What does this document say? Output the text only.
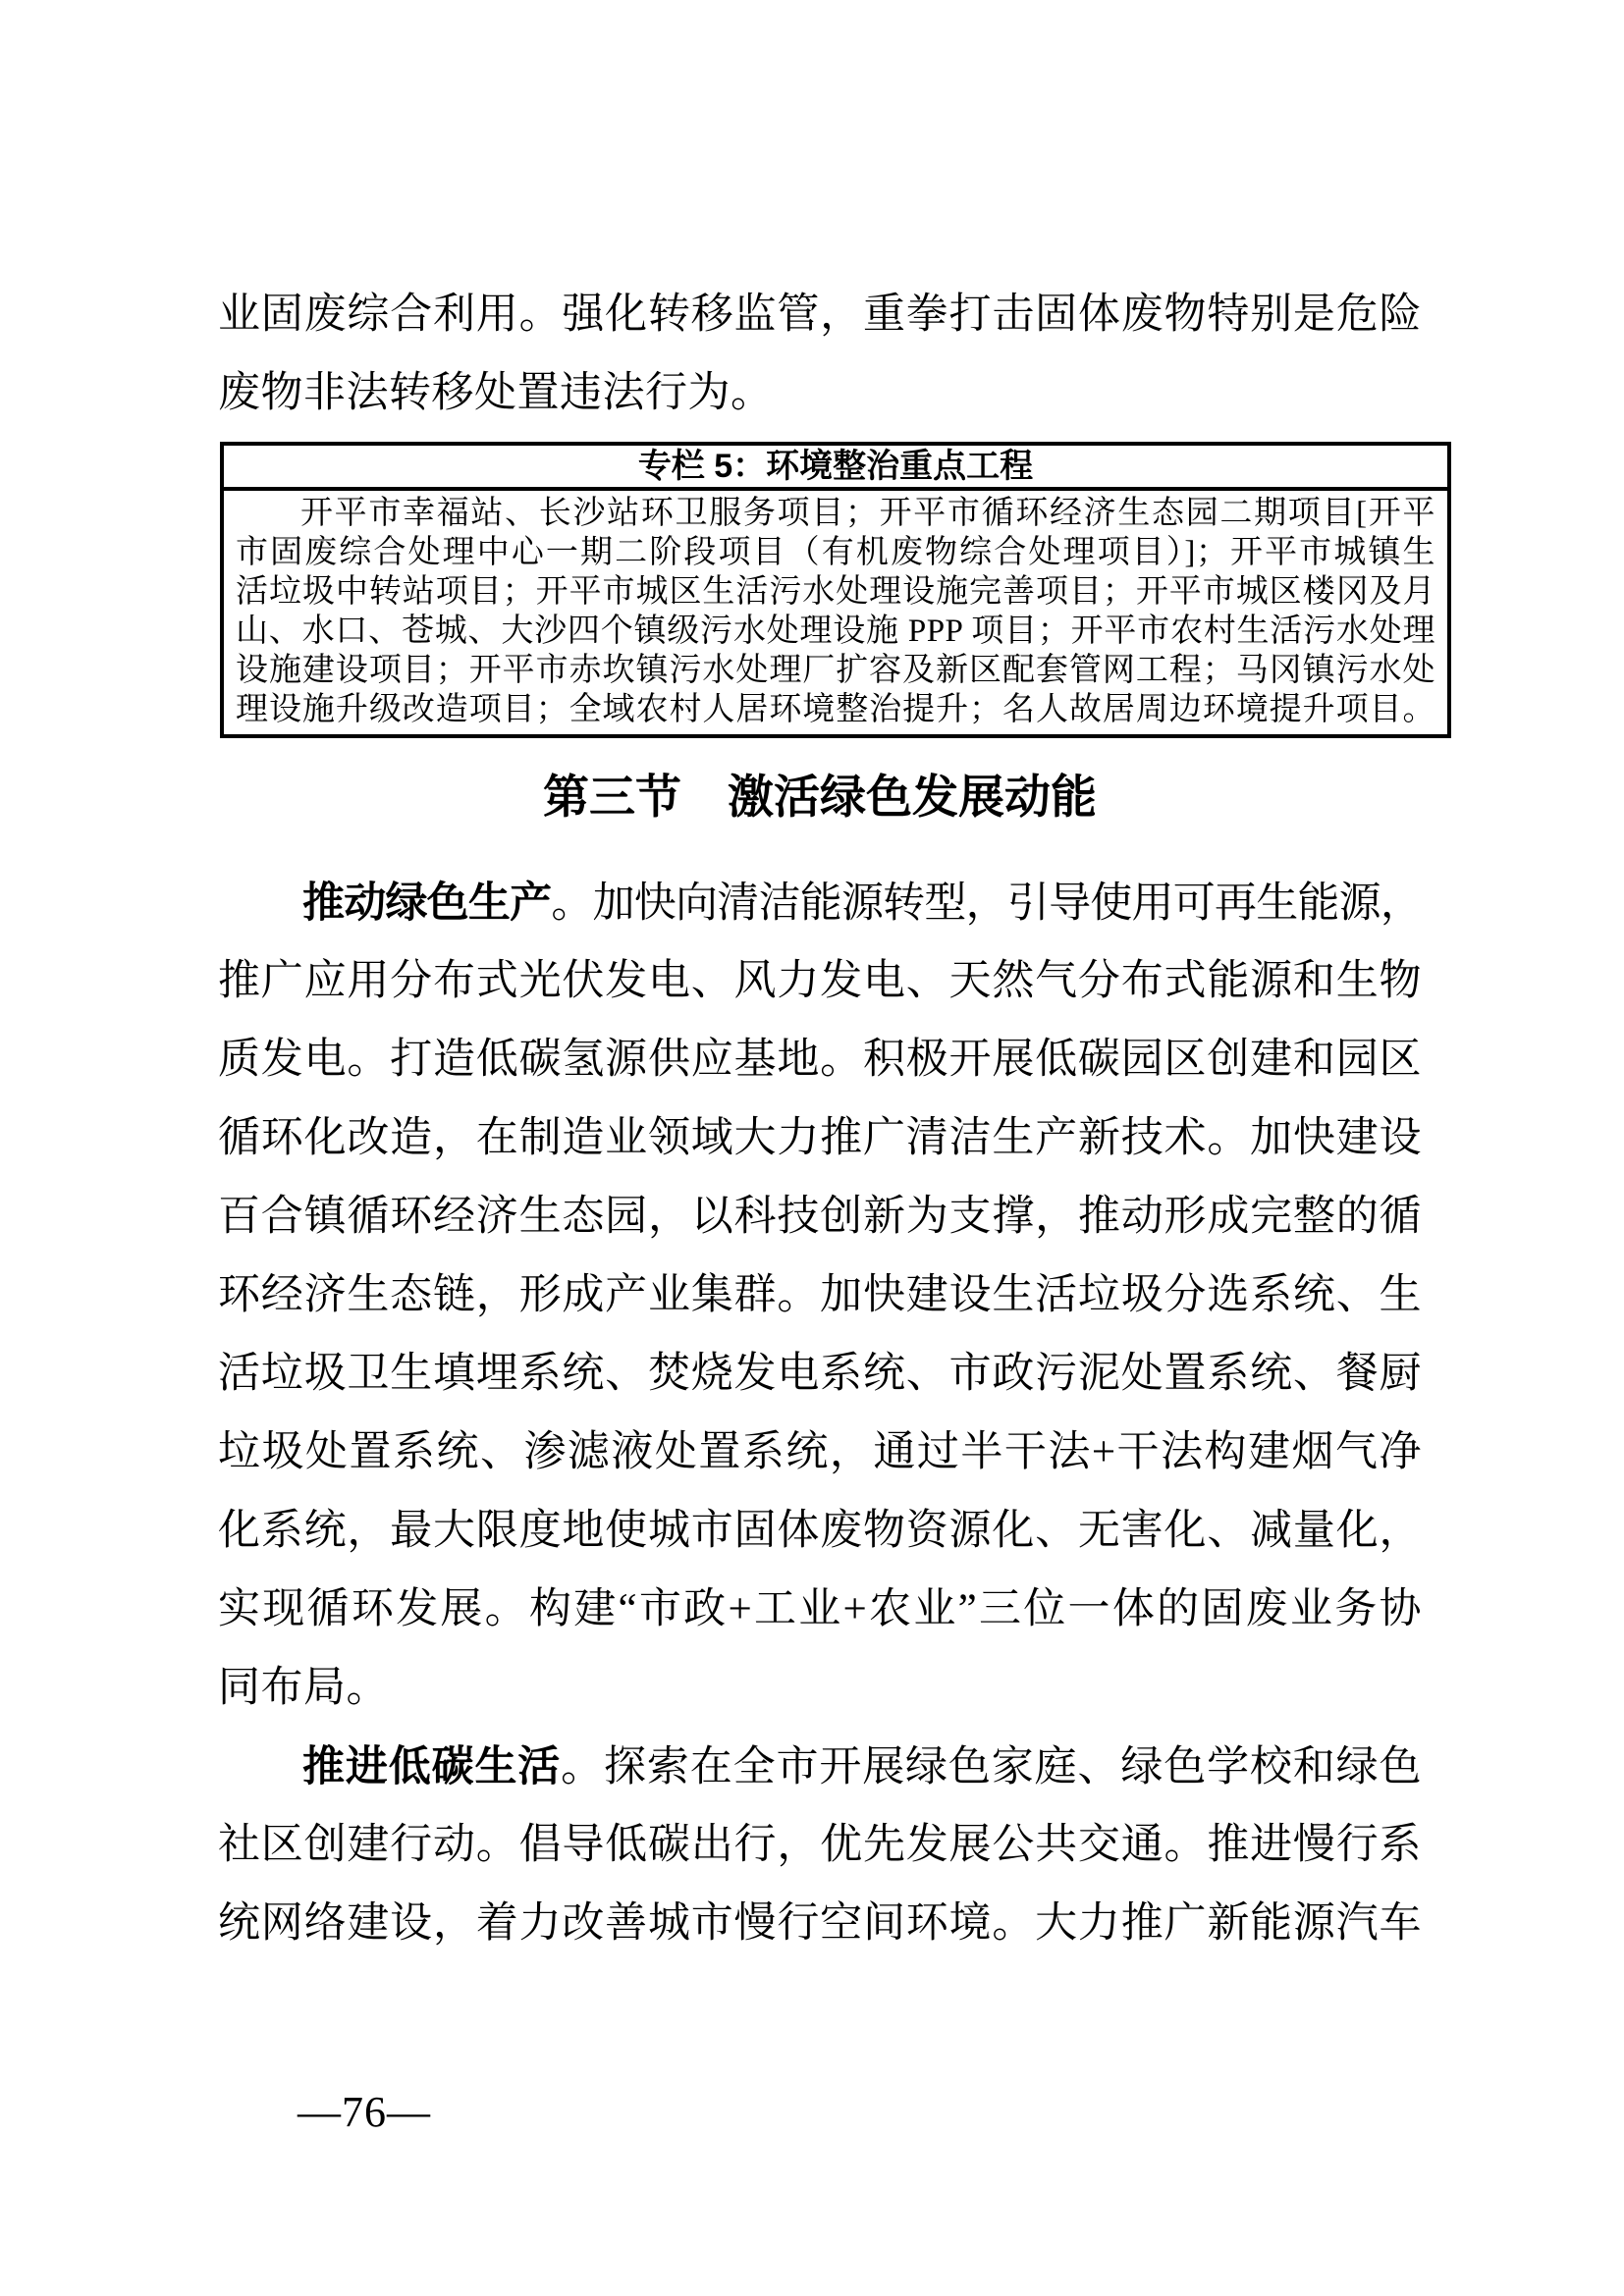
业固废综合利用。强化转移监管，重拳打击固体废物特别是危险
废物非法转移处置违法行为。
专栏 5：环境整治重点工程
开平市幸福站、长沙站环卫服务项目；开平市循环经济生态园二期项目[开平
市固废综合处理中心一期二阶段项目（有机废物综合处理项目）]；开平市城镇生
活垃圾中转站项目；开平市城区生活污水处理设施完善项目；开平市城区楼冈及月
山、水口、苍城、大沙四个镇级污水处理设施 PPP 项目；开平市农村生活污水处理
设施建设项目；开平市赤坎镇污水处理厂扩容及新区配套管网工程；马冈镇污水处
理设施升级改造项目；全域农村人居环境整治提升；名人故居周边环境提升项目。
第三节　激活绿色发展动能
推动绿色生产。加快向清洁能源转型，引导使用可再生能源，
推广应用分布式光伏发电、风力发电、天然气分布式能源和生物
质发电。打造低碳氢源供应基地。积极开展低碳园区创建和园区
循环化改造，在制造业领域大力推广清洁生产新技术。加快建设
百合镇循环经济生态园，以科技创新为支撑，推动形成完整的循
环经济生态链，形成产业集群。加快建设生活垃圾分选系统、生
活垃圾卫生填埋系统、焚烧发电系统、市政污泥处置系统、餐厨
垃圾处置系统、渗滤液处置系统，通过半干法+干法构建烟气净
化系统，最大限度地使城市固体废物资源化、无害化、减量化，
实现循环发展。构建“市政+工业+农业”三位一体的固废业务协
同布局。
推进低碳生活。探索在全市开展绿色家庭、绿色学校和绿色
社区创建行动。倡导低碳出行，优先发展公共交通。推进慢行系
统网络建设，着力改善城市慢行空间环境。大力推广新能源汽车
—76—
